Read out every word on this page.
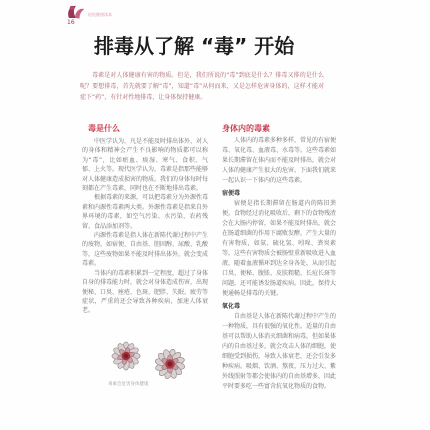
轻松健康读本
16
排毒从了解 “毒” 开始

毒素是对人体健康有害的物质。但是，我们所说的“毒”到底是什么？排毒又排的是什么呢？要想排毒，首先就要了解“毒”，知道“毒”从何而来，又是怎样危害身体的，这样才能对症下“药”，有针对性地排毒，让身体保持健康。

毒是什么

中医学认为，凡是不能及时排出体外、对人的身体和精神会产生不良影响的物质都可以称为“毒”，比如瘀血、痰湿、寒气、食积、气郁、上火等。现代医学认为，毒素是指那些能够对人体健康造成损害的物质。我们的身体每时每刻都在产生毒素，同时也在不断地排出毒素。

根据毒素的来源，可以把毒素分为外源性毒素和内源性毒素两大类。外源性毒素是指来自外界环境的毒素，如空气污染、水污染、农药残留、食品添加剂等。

内源性毒素是指人体在新陈代谢过程中产生的废物，如宿便、自由基、胆固醇、尿酸、乳酸等，这些废物如果不能及时排出体外，就会变成毒素。

当体内的毒素积累到一定程度，超过了身体自身的排毒能力时，就会对身体造成伤害，出现便秘、口臭、痤疮、色斑、肥胖、失眠、疲劳等症状，严重的还会导致各种疾病，加速人体衰老。

身体内的毒素

人体内的毒素多种多样，常见的有宿便毒、氧化毒、血液毒、水毒等。这些毒素如果长期滞留在体内而不能及时排出，就会对人体的健康产生很大的危害。下面我们就来一起认识一下体内的这些毒素。

宿便毒

宿便是指长期滞留在肠道内的陈旧粪便。食物经过消化吸收后，剩下的食物残渣会在大肠内停留，如果不能及时排出，就会在肠道细菌的作用下腐败发酵，产生大量的有害物质，如氨、硫化氢、吲哚、粪臭素等。这些有害物质会被肠壁重新吸收进入血液，随着血液循环到达全身各处，从而引起口臭、便秘、腹胀、皮肤粗糙、长痘长斑等问题，还可能诱发肠道疾病。因此，保持大便通畅是排毒的关键。

氧化毒

自由基是人体在新陈代谢过程中产生的一种物质，具有很强的氧化性。适量的自由基可以帮助人体消灭细菌和病毒，但如果体内的自由基过多，就会攻击人体的细胞，使细胞受到损伤，导致人体衰老，还会引发多种疾病。吸烟、饮酒、熬夜、压力过大、紫外线照射等都会使体内的自由基增多，因此平时要多吃一些富含抗氧化物质的食物。

毒素会危害身体健康
